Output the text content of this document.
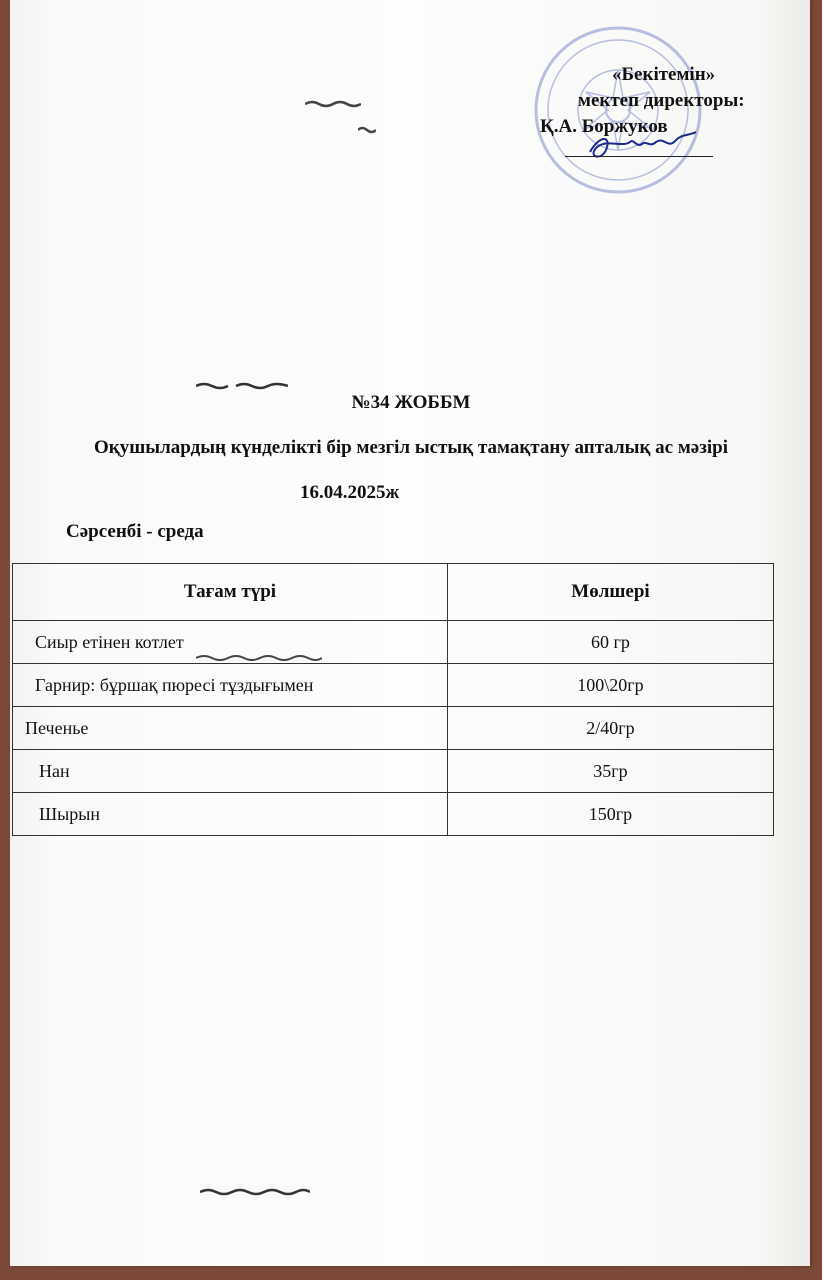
«Бекітемін»
мектеп директоры:
Қ.А. Боржуков
№34 ЖОББМ
Оқушылардың күнделікті бір мезгіл ыстық тамақтану апталық ас мәзірі
16.04.2025ж
Сәрсенбі - среда
Тағам түрі	Мөлшері
Сиыр етінен котлет	60 гр
Гарнир: бұршақ пюресі тұздығымен	100\20гр
Печенье	2/40гр
Нан	35гр
Шырын	150гр
